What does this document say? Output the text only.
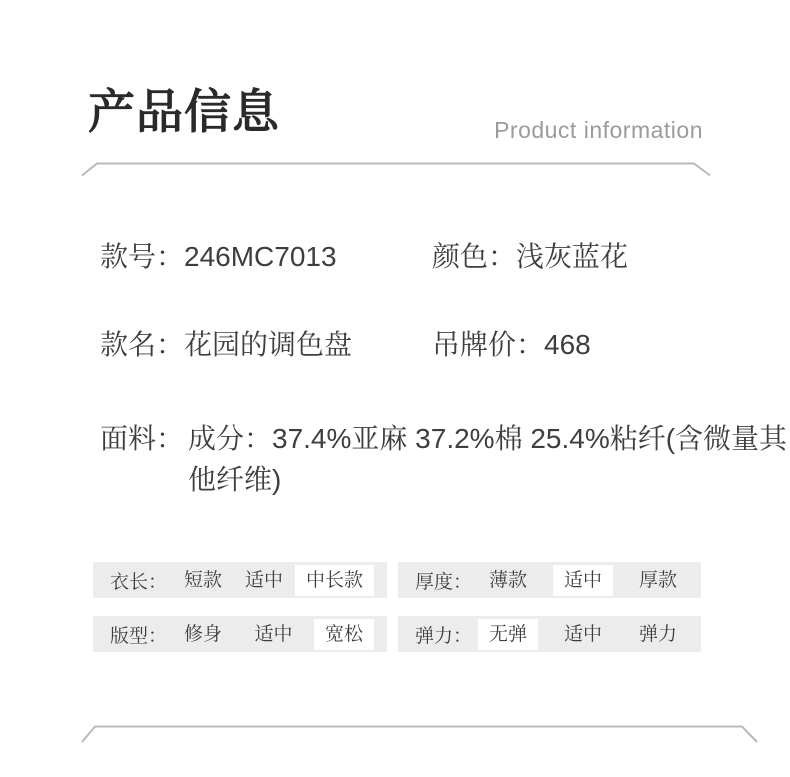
产品信息	Product information
款号：246MC7013	颜色：浅灰蓝花
款名：花园的调色盘	吊牌价：468
面料： 成分：37.4%亚麻 37.2%棉 25.4%粘纤(含微量其他纤维)
衣长： 短款	适中	中长款	厚度： 薄款	适中	厚款
版型： 修身	适中	宽松	弹力： 无弹	适中	弹力
